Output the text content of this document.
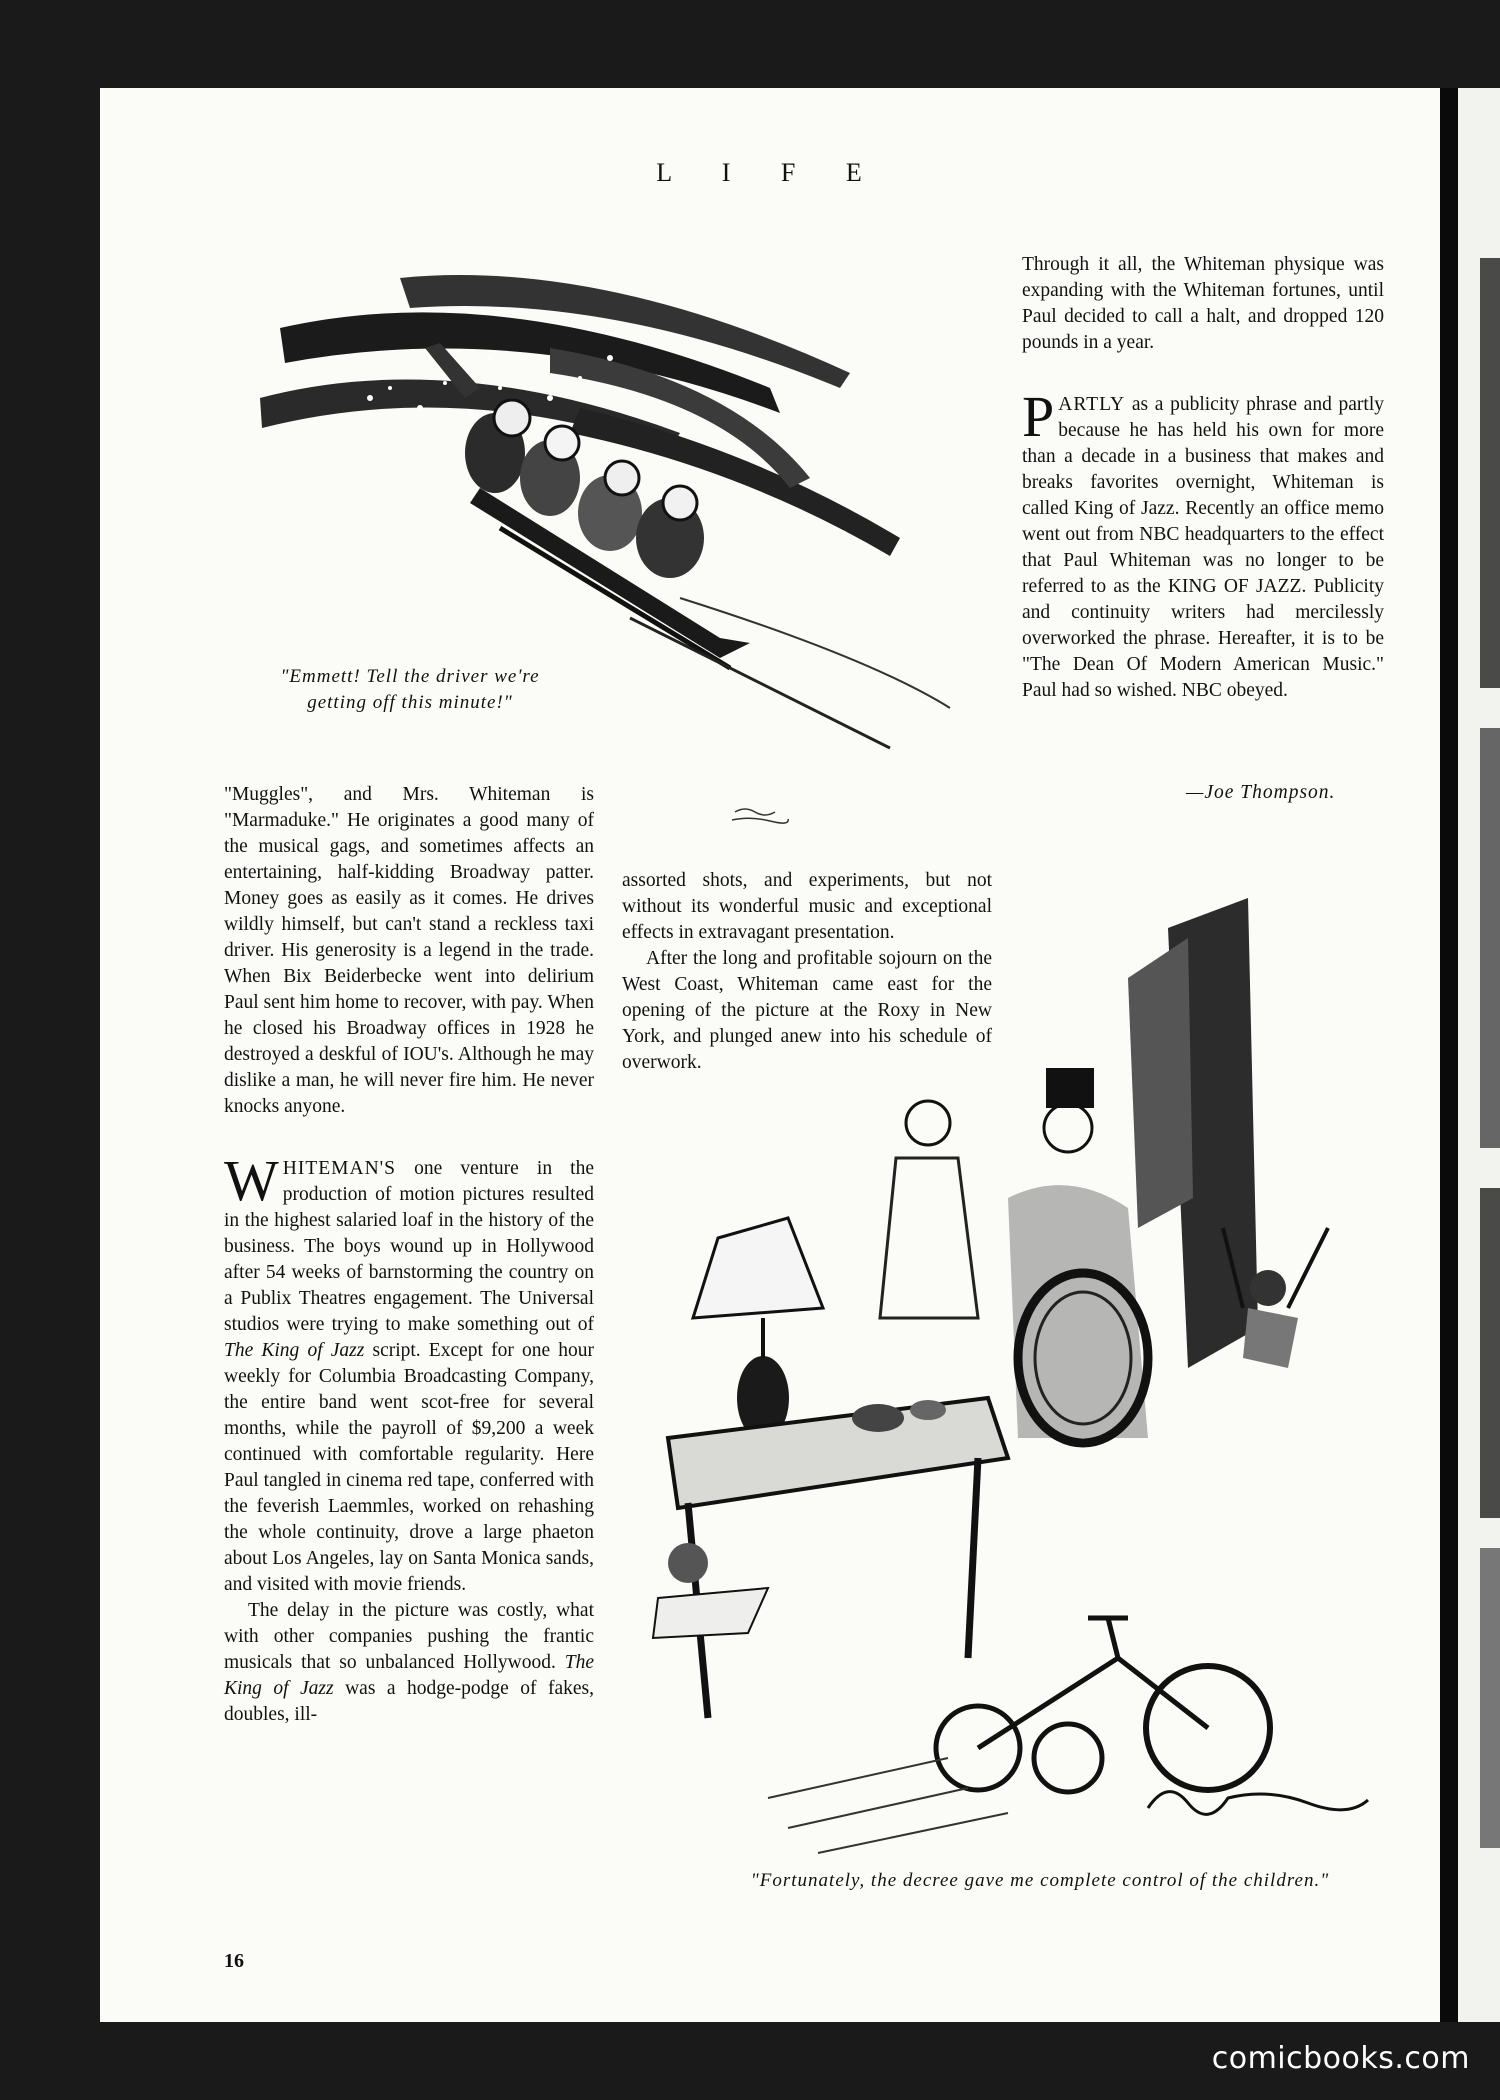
L I F E
"Emmett! Tell the driver we're
getting off this minute!"

"Muggles", and Mrs. Whiteman is "Marmaduke." He originates a good many of the musical gags, and sometimes affects an entertaining, half-kidding Broadway patter. Money goes as easily as it comes. He drives wildly himself, but can't stand a reckless taxi driver. His generosity is a legend in the trade. When Bix Beiderbecke went into delirium Paul sent him home to recover, with pay. When he closed his Broadway offices in 1928 he destroyed a deskful of IOU's. Although he may dislike a man, he will never fire him. He never knocks anyone.

WHITEMAN'S one venture in the production of motion pictures resulted in the highest salaried loaf in the history of the business. The boys wound up in Hollywood after 54 weeks of barnstorming the country on a Publix Theatres engagement. The Universal studios were trying to make something out of The King of Jazz script. Except for one hour weekly for Columbia Broadcasting Company, the entire band went scot-free for several months, while the payroll of $9,200 a week continued with comfortable regularity. Here Paul tangled in cinema red tape, conferred with the feverish Laemmles, worked on rehashing the whole continuity, drove a large phaeton about Los Angeles, lay on Santa Monica sands, and visited with movie friends.

The delay in the picture was costly, what with other companies pushing the frantic musicals that so unbalanced Hollywood. The King of Jazz was a hodge-podge of fakes, doubles, ill-

assorted shots, and experiments, but not without its wonderful music and exceptional effects in extravagant presentation.

After the long and profitable sojourn on the West Coast, Whiteman came east for the opening of the picture at the Roxy in New York, and plunged anew into his schedule of overwork.

Through it all, the Whiteman physique was expanding with the Whiteman fortunes, until Paul decided to call a halt, and dropped 120 pounds in a year.

PARTLY as a publicity phrase and partly because he has held his own for more than a decade in a business that makes and breaks favorites overnight, Whiteman is called King of Jazz. Recently an office memo went out from NBC headquarters to the effect that Paul Whiteman was no longer to be referred to as the KING OF JAZZ. Publicity and continuity writers had mercilessly overworked the phrase. Hereafter, it is to be "The Dean Of Modern American Music." Paul had so wished. NBC obeyed.

—Joe Thompson.
"Fortunately, the decree gave me complete control of the children."
16
comicbooks.com
